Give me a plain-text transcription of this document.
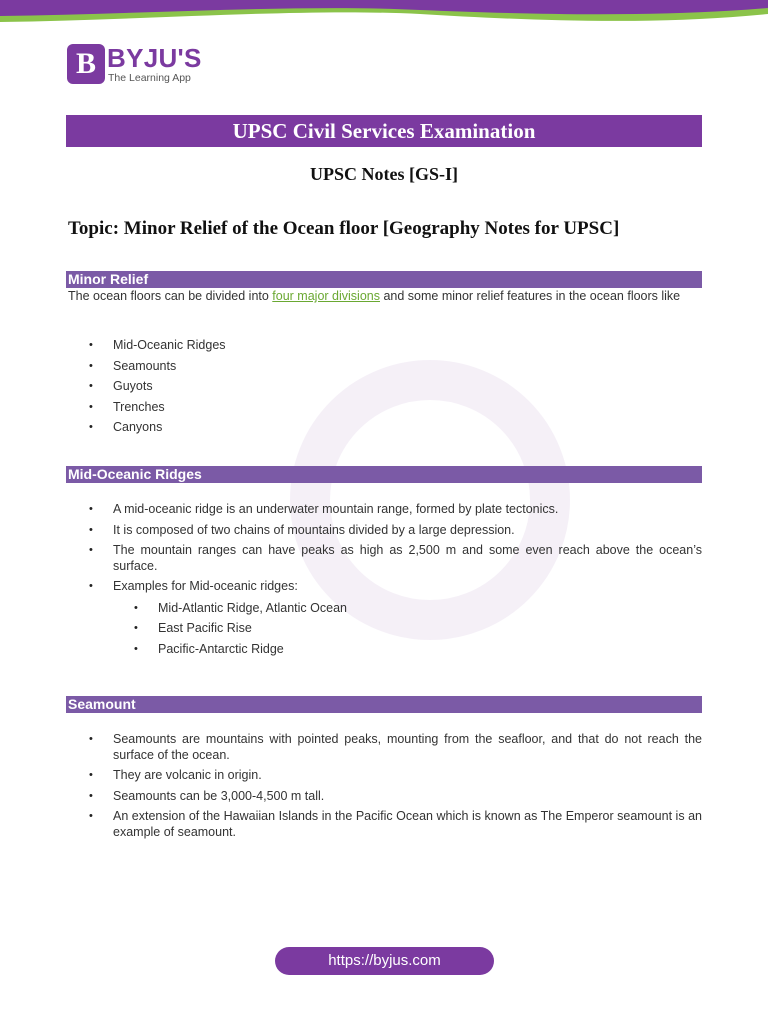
B BYJU'S
The Learning App
UPSC Civil Services Examination
UPSC Notes [GS-I]
Topic: Minor Relief of the Ocean floor [Geography Notes for UPSC]
Minor Relief
The ocean floors can be divided into four major divisions and some minor relief features in the ocean floors like
• Mid-Oceanic Ridges
• Seamounts
• Guyots
• Trenches
• Canyons
Mid-Oceanic Ridges
• A mid-oceanic ridge is an underwater mountain range, formed by plate tectonics.
• It is composed of two chains of mountains divided by a large depression.
• The mountain ranges can have peaks as high as 2,500 m and some even reach above the ocean’s surface.
• Examples for Mid-oceanic ridges:
• Mid-Atlantic Ridge, Atlantic Ocean
• East Pacific Rise
• Pacific-Antarctic Ridge
Seamount
• Seamounts are mountains with pointed peaks, mounting from the seafloor, and that do not reach the surface of the ocean.
• They are volcanic in origin.
• Seamounts can be 3,000-4,500 m tall.
• An extension of the Hawaiian Islands in the Pacific Ocean which is known as The Emperor seamount is an example of seamount.
https://byjus.com
